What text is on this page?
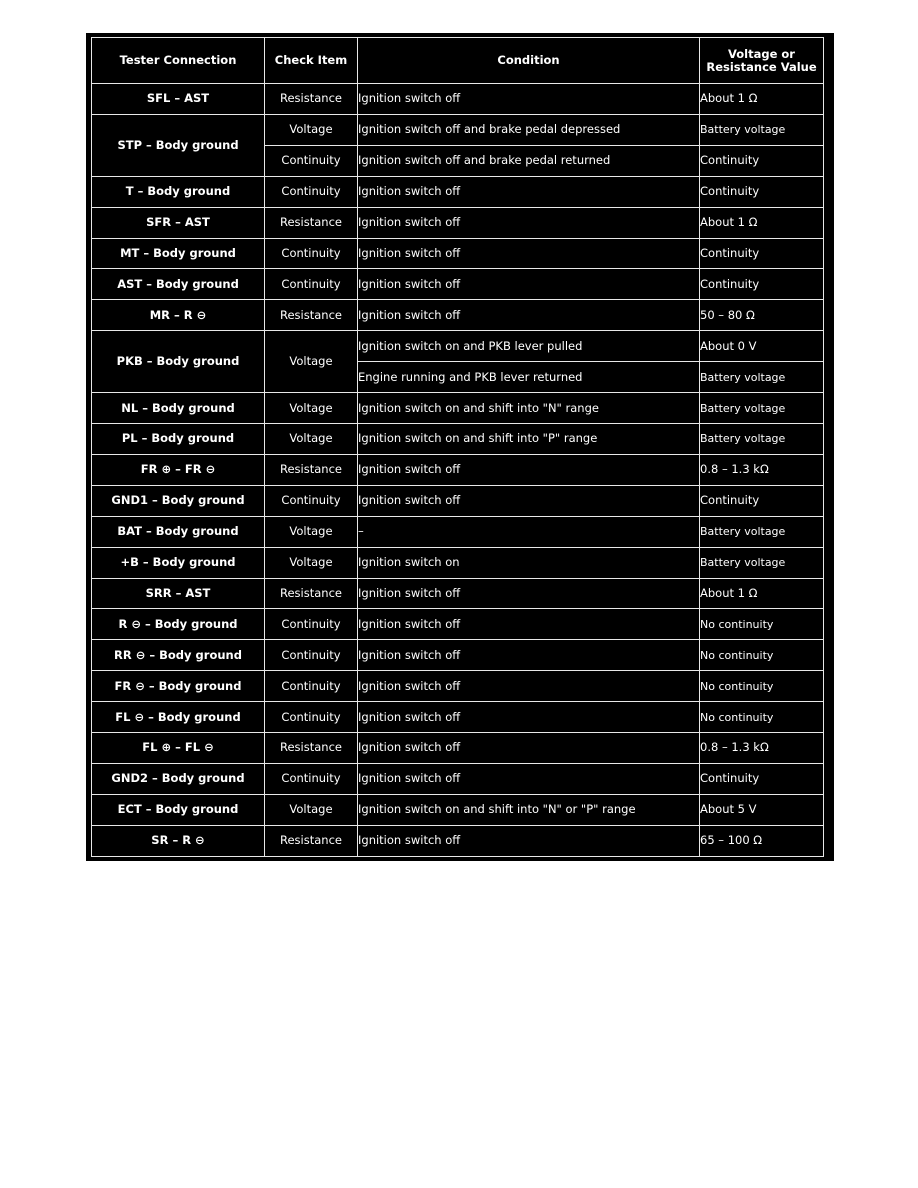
Tester Connection	Check Item	Condition	Voltage or
Resistance Value
SFL – AST	Resistance	Ignition switch off	About 1 Ω
STP – Body ground	Voltage	Ignition switch off and brake pedal depressed	Battery voltage
	Continuity	Ignition switch off and brake pedal returned	Continuity
T – Body ground	Continuity	Ignition switch off	Continuity
SFR – AST	Resistance	Ignition switch off	About 1 Ω
MT – Body ground	Continuity	Ignition switch off	Continuity
AST – Body ground	Continuity	Ignition switch off	Continuity
MR – R ⊖	Resistance	Ignition switch off	50 – 80 Ω
PKB – Body ground	Voltage	Ignition switch on and PKB lever pulled	About 0 V
		Engine running and PKB lever returned	Battery voltage
NL – Body ground	Voltage	Ignition switch on and shift into "N" range	Battery voltage
PL – Body ground	Voltage	Ignition switch on and shift into "P" range	Battery voltage
FR ⊕ – FR ⊖	Resistance	Ignition switch off	0.8 – 1.3 kΩ
GND1 – Body ground	Continuity	Ignition switch off	Continuity
BAT – Body ground	Voltage	–	Battery voltage
+B – Body ground	Voltage	Ignition switch on	Battery voltage
SRR – AST	Resistance	Ignition switch off	About 1 Ω
R ⊖ – Body ground	Continuity	Ignition switch off	No continuity
RR ⊖ – Body ground	Continuity	Ignition switch off	No continuity
FR ⊖ – Body ground	Continuity	Ignition switch off	No continuity
FL ⊖ – Body ground	Continuity	Ignition switch off	No continuity
FL ⊕ – FL ⊖	Resistance	Ignition switch off	0.8 – 1.3 kΩ
GND2 – Body ground	Continuity	Ignition switch off	Continuity
ECT – Body ground	Voltage	Ignition switch on and shift into "N" or "P" range	About 5 V
SR – R ⊖	Resistance	Ignition switch off	65 – 100 Ω
